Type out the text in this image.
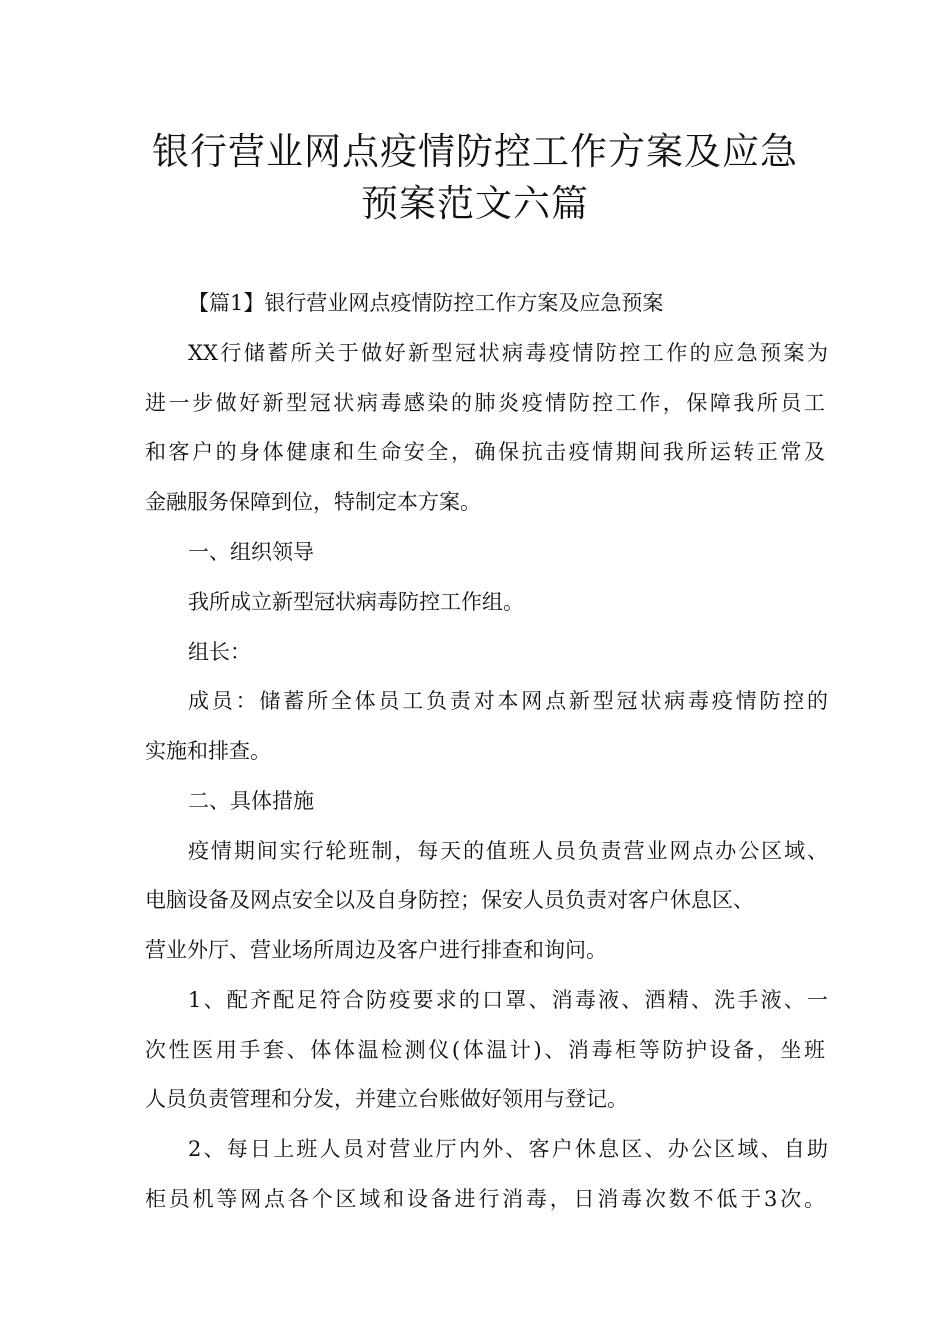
银行营业网点疫情防控工作方案及应急
预案范文六篇
【篇1】银行营业网点疫情防控工作方案及应急预案
XX行储蓄所关于做好新型冠状病毒疫情防控工作的应急预案为
进一步做好新型冠状病毒感染的肺炎疫情防控工作，保障我所员工
和客户的身体健康和生命安全，确保抗击疫情期间我所运转正常及
金融服务保障到位，特制定本方案。
一、组织领导
我所成立新型冠状病毒防控工作组。
组长：
成员：储蓄所全体员工负责对本网点新型冠状病毒疫情防控的
实施和排查。
二、具体措施
疫情期间实行轮班制，每天的值班人员负责营业网点办公区域、
电脑设备及网点安全以及自身防控；保安人员负责对客户休息区、
营业外厅、营业场所周边及客户进行排查和询问。
1、配齐配足符合防疫要求的口罩、消毒液、酒精、洗手液、一
次性医用手套、体体温检测仪(体温计)、消毒柜等防护设备，坐班
人员负责管理和分发，并建立台账做好领用与登记。
2、每日上班人员对营业厅内外、客户休息区、办公区域、自助
柜员机等网点各个区域和设备进行消毒，日消毒次数不低于3次。
